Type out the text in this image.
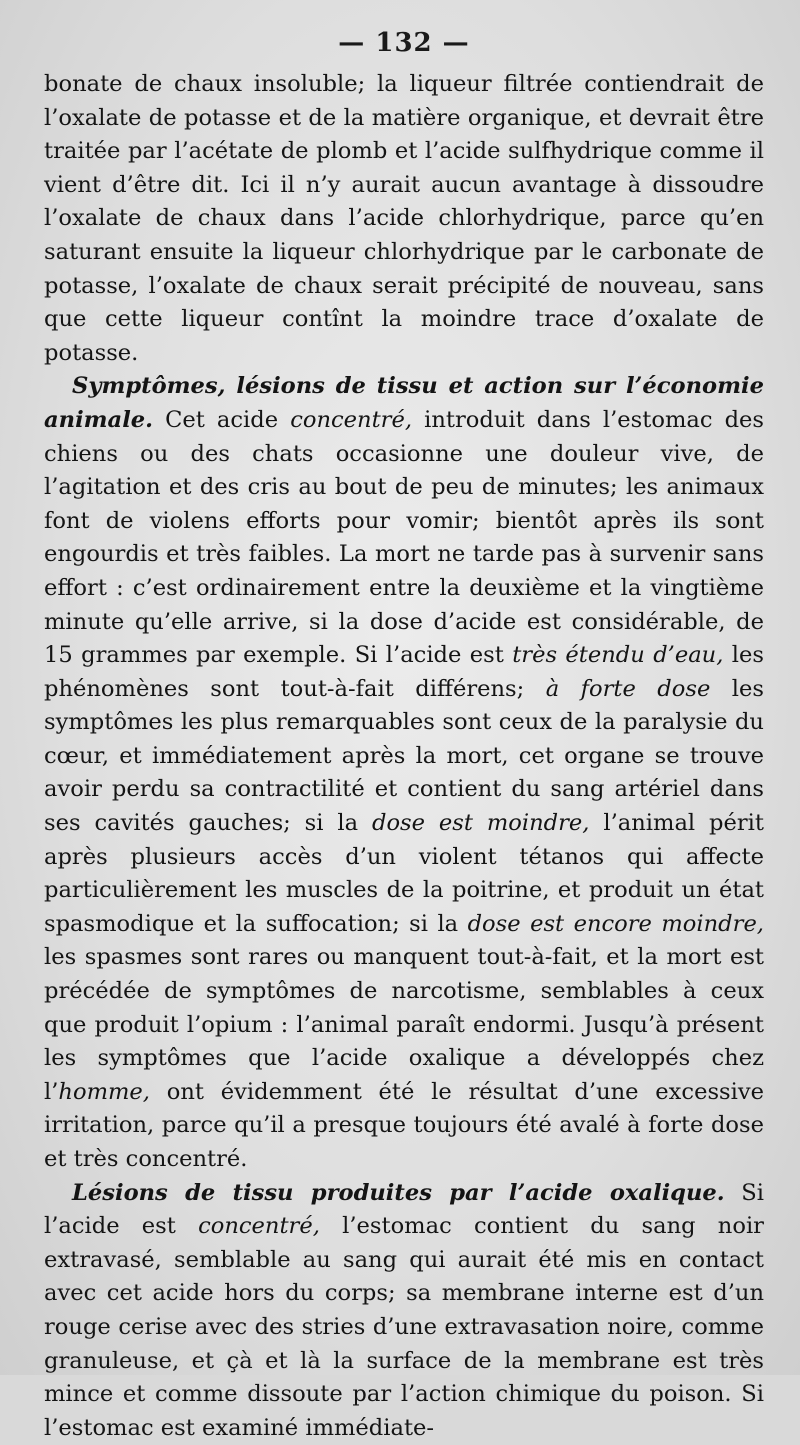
— 132 —

bonate de chaux insoluble; la liqueur filtrée contiendrait de l’oxalate de potasse et de la matière organique, et devrait être traitée par l’acétate de plomb et l’acide sulfhydrique comme il vient d’être dit. Ici il n’y aurait aucun avantage à dissoudre l’oxalate de chaux dans l’acide chlorhydrique, parce qu’en saturant ensuite la liqueur chlorhydrique par le carbonate de potasse, l’oxalate de chaux serait précipité de nouveau, sans que cette liqueur contînt la moindre trace d’oxalate de potasse.

Symptômes, lésions de tissu et action sur l’économie animale. Cet acide concentré, introduit dans l’estomac des chiens ou des chats occasionne une douleur vive, de l’agitation et des cris au bout de peu de minutes; les animaux font de violens efforts pour vomir; bientôt après ils sont engourdis et très faibles. La mort ne tarde pas à survenir sans effort : c’est ordinairement entre la deuxième et la vingtième minute qu’elle arrive, si la dose d’acide est considérable, de 15 grammes par exemple. Si l’acide est très étendu d’eau, les phénomènes sont tout-à-fait différens; à forte dose les symptômes les plus remarquables sont ceux de la paralysie du cœur, et immédiatement après la mort, cet organe se trouve avoir perdu sa contractilité et contient du sang artériel dans ses cavités gauches; si la dose est moindre, l’animal périt après plusieurs accès d’un violent tétanos qui affecte particulièrement les muscles de la poitrine, et produit un état spasmodique et la suffocation; si la dose est encore moindre, les spasmes sont rares ou manquent tout-à-fait, et la mort est précédée de symptômes de narcotisme, semblables à ceux que produit l’opium : l’animal paraît endormi. Jusqu’à présent les symptômes que l’acide oxalique a développés chez l’homme, ont évidemment été le résultat d’une excessive irritation, parce qu’il a presque toujours été avalé à forte dose et très concentré.

Lésions de tissu produites par l’acide oxalique. Si l’acide est concentré, l’estomac contient du sang noir extravasé, semblable au sang qui aurait été mis en contact avec cet acide hors du corps; sa membrane interne est d’un rouge cerise avec des stries d’une extravasation noire, comme granuleuse, et çà et là la surface de la membrane est très mince et comme dissoute par l’action chimique du poison. Si l’estomac est examiné immédiate-
